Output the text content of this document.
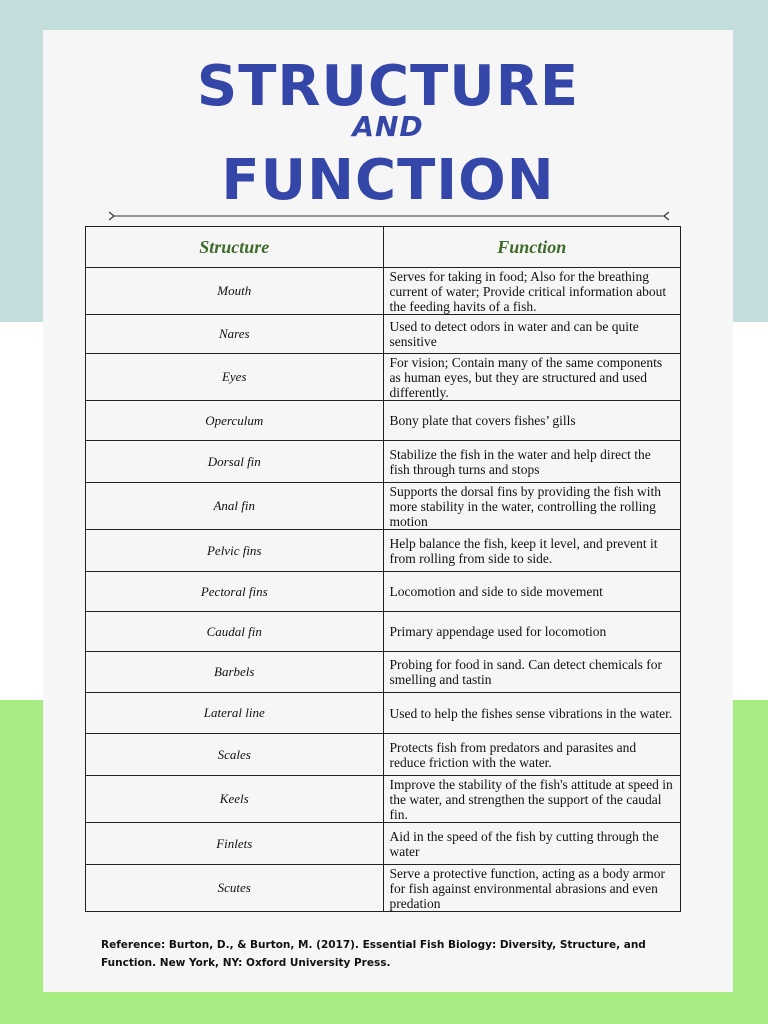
STRUCTURE
AND
FUNCTION
Structure	Function
Mouth	Serves for taking in food; Also for the breathing current of water; Provide critical information about the feeding havits of a fish.
Nares	Used to detect odors in water and can be quite sensitive
Eyes	For vision; Contain many of the same components as human eyes, but they are structured and used differently.
Operculum	Bony plate that covers fishes’ gills
Dorsal fin	Stabilize the fish in the water and help direct the fish through turns and stops
Anal fin	Supports the dorsal fins by providing the fish with more stability in the water, controlling the rolling motion
Pelvic fins	Help balance the fish, keep it level, and prevent it from rolling from side to side.
Pectoral fins	Locomotion and side to side movement
Caudal fin	Primary appendage used for locomotion
Barbels	Probing for food in sand. Can detect chemicals for smelling and tastin
Lateral line	Used to help the fishes sense vibrations in the water.
Scales	Protects fish from predators and parasites and reduce friction with the water.
Keels	Improve the stability of the fish's attitude at speed in the water, and strengthen the support of the caudal fin.
Finlets	Aid in the speed of the fish by cutting through the water
Scutes	Serve a protective function, acting as a body armor for fish against environmental abrasions and even predation
Reference: Burton, D., & Burton, M. (2017). Essential Fish Biology: Diversity, Structure, and Function. New York, NY: Oxford University Press.
